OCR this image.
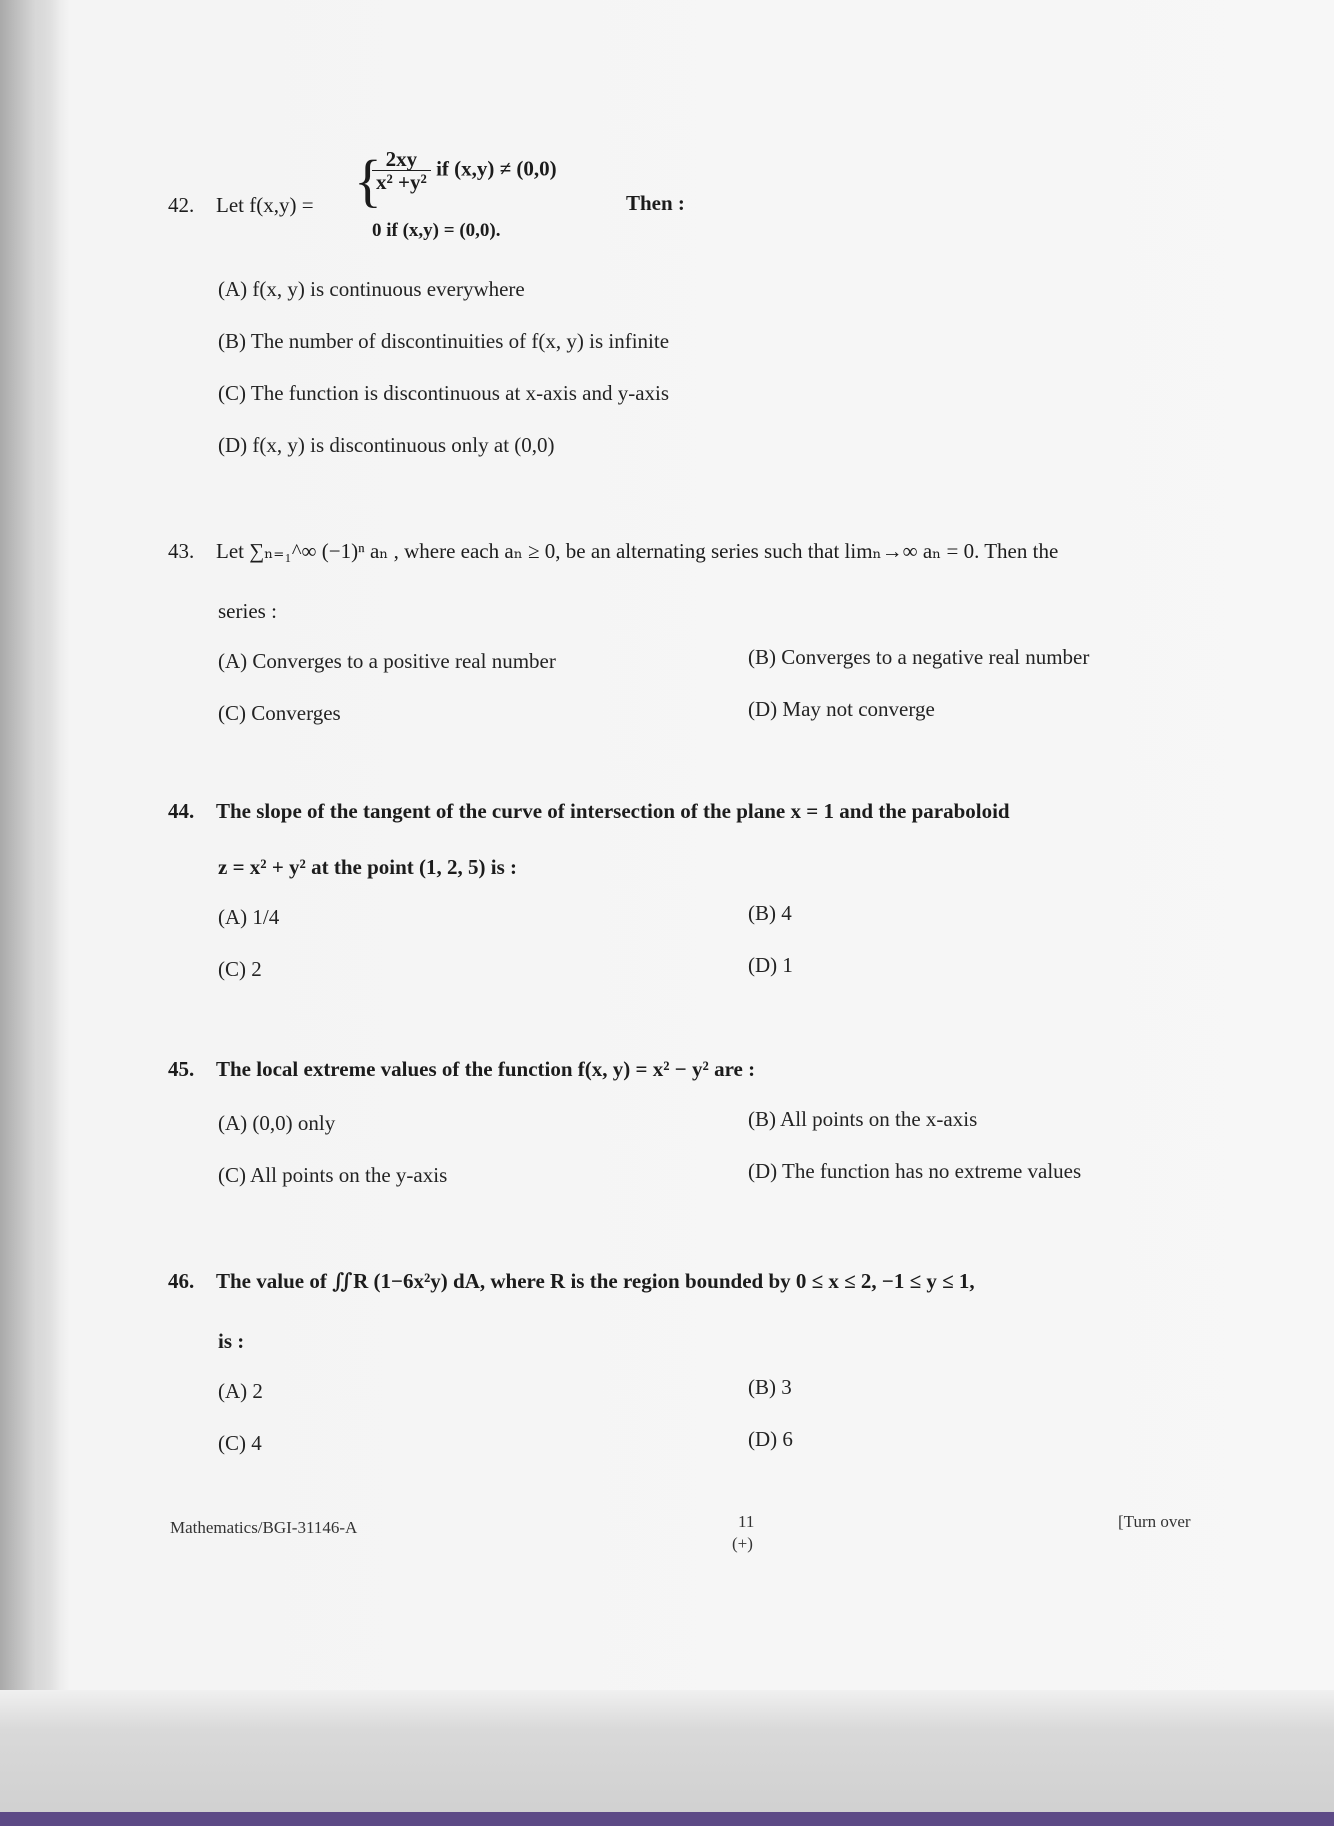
42. Let f(x,y) = {
$\frac{2xy}{\text{x² +y²}}$ if (x,y) ≠ (0,0)
0 if (x,y) = (0,0).
Then :
(A) f(x, y) is continuous everywhere
(B) The number of discontinuities of f(x, y) is infinite
(C) The function is discontinuous at x-axis and y-axis
(D) f(x, y) is discontinuous only at (0,0)
43. Let ∑ₙ₌₁^∞ (−1)ⁿ aₙ , where each aₙ ≥ 0, be an alternating series such that limₙ→∞ aₙ = 0. Then the
series :
(A) Converges to a positive real number	(B) Converges to a negative real number
(C) Converges	(D) May not converge
44. The slope of the tangent of the curve of intersection of the plane x = 1 and the paraboloid
z = x² + y² at the point (1, 2, 5) is :
(A) 1/4	(B) 4
(C) 2	(D) 1
45. The local extreme values of the function f(x, y) = x² − y² are :
(A) (0,0) only	(B) All points on the x-axis
(C) All points on the y-axis	(D) The function has no extreme values
46. The value of ∬R (1−6x²y) dA, where R is the region bounded by 0 ≤ x ≤ 2, −1 ≤ y ≤ 1,
is :
(A) 2	(B) 3
(C) 4	(D) 6
Mathematics/BGI-31146-A	11
(+)
[Turn over
